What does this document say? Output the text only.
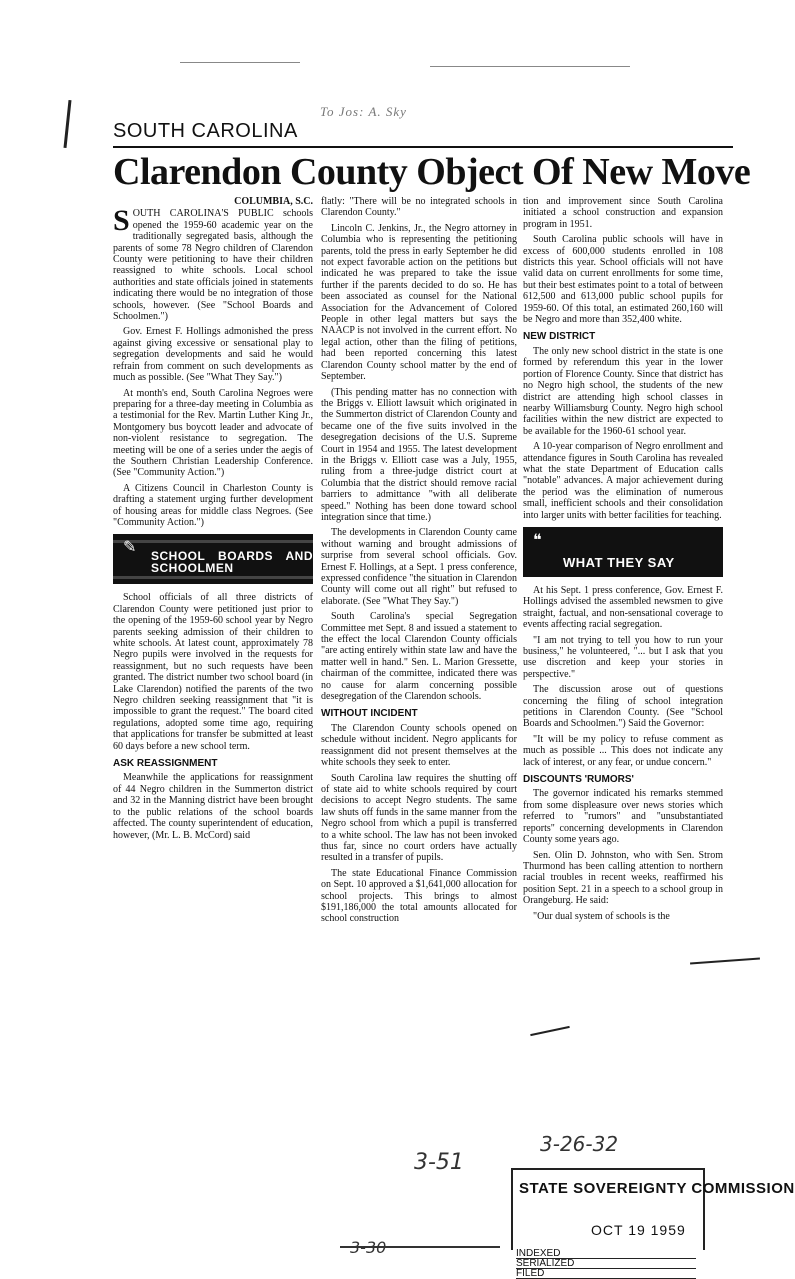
To Jos: A. Sky
SOUTH CAROLINA
Clarendon County Object Of New Move
COLUMBIA, S.C.

SOUTH CAROLINA'S PUBLIC schools opened the 1959-60 academic year on the traditionally segregated basis, although the parents of some 78 Negro children of Clarendon County were petitioning to have their children reassigned to white schools. Local school authorities and state officials joined in statements indicating there would be no integration of those schools, however. (See "School Boards and Schoolmen.")

Gov. Ernest F. Hollings admonished the press against giving excessive or sensational play to segregation developments and said he would refrain from comment on such developments as much as possible. (See "What They Say.")

At month's end, South Carolina Negroes were preparing for a three-day meeting in Columbia as a testimonial for the Rev. Martin Luther King Jr., Montgomery bus boycott leader and advocate of non-violent resistance to segregation. The meeting will be one of a series under the aegis of the Southern Christian Leadership Conference. (See "Community Action.")

A Citizens Council in Charleston County is drafting a statement urging further development of housing areas for middle class Negroes. (See "Community Action.")

✎ SCHOOL BOARDS AND SCHOOLMEN

School officials of all three districts of Clarendon County were petitioned just prior to the opening of the 1959-60 school year by Negro parents seeking admission of their children to white schools. At latest count, approximately 78 Negro pupils were involved in the requests for reassignment, but no such requests have been granted. The district number two school board (in Lake Clarendon) notified the parents of the two Negro children seeking reassignment that "it is impossible to grant the request." The board cited regulations, adopted some time ago, requiring that applications for transfer be submitted at least 60 days before a new school term.

ASK REASSIGNMENT

Meanwhile the applications for reassignment of 44 Negro children in the Summerton district and 32 in the Manning district have been brought to the public relations of the school boards affected. The county superintendent of education, however, (Mr. L. B. McCord) said

flatly: "There will be no integrated schools in Clarendon County."

Lincoln C. Jenkins, Jr., the Negro attorney in Columbia who is representing the petitioning parents, told the press in early September he did not expect favorable action on the petitions but indicated he was prepared to take the issue further if the parents decided to do so. He has been associated as counsel for the National Association for the Advancement of Colored People in other legal matters but says the NAACP is not involved in the current effort. No legal action, other than the filing of petitions, had been reported concerning this latest Clarendon County school matter by the end of September.

(This pending matter has no connection with the Briggs v. Elliott lawsuit which originated in the Summerton district of Clarendon County and became one of the five suits involved in the desegregation decisions of the U.S. Supreme Court in 1954 and 1955. The latest development in the Briggs v. Elliott case was a July, 1955, ruling from a three-judge district court at Columbia that the district should remove racial barriers to admittance "with all deliberate speed." Nothing has been done toward school integration since that time.)

The developments in Clarendon County came without warning and brought admissions of surprise from several school officials. Gov. Ernest F. Hollings, at a Sept. 1 press conference, expressed confidence "the situation in Clarendon County will come out all right" but refused to elaborate. (See "What They Say.")

South Carolina's special Segregation Committee met Sept. 8 and issued a statement to the effect the local Clarendon County officials "are acting entirely within state law and have the matter well in hand." Sen. L. Marion Gressette, chairman of the committee, indicated there was no cause for alarm concerning possible desegregation of the Clarendon schools.

WITHOUT INCIDENT

The Clarendon County schools opened on schedule without incident. Negro applicants for reassignment did not present themselves at the white schools they seek to enter.

South Carolina law requires the shutting off of state aid to white schools required by court decisions to accept Negro students. The same law shuts off funds in the same manner from the Negro school from which a pupil is transferred to a white school. The law has not been invoked thus far, since no court orders have actually resulted in a transfer of pupils.

The state Educational Finance Commission on Sept. 10 approved a $1,641,000 allocation for school projects. This brings to almost $191,186,000 the total amounts allocated for school construction

tion and improvement since South Carolina initiated a school construction and expansion program in 1951.

South Carolina public schools will have in excess of 600,000 students enrolled in 108 districts this year. School officials will not have valid data on current enrollments for some time, but their best estimates point to a total of between 612,500 and 613,000 public school pupils for 1959-60. Of this total, an estimated 260,160 will be Negro and more than 352,400 white.

NEW DISTRICT

The only new school district in the state is one formed by referendum this year in the lower portion of Florence County. Since that district has no Negro high school, the students of the new district are attending high school classes in nearby Williamsburg County. Negro high school facilities within the new district are expected to be available for the 1960-61 school year.

A 10-year comparison of Negro enrollment and attendance figures in South Carolina has revealed what the state Department of Education calls "notable" advances. A major achievement during the period was the elimination of numerous small, inefficient schools and their consolidation into larger units with better facilities for teaching.

❝
WHAT THEY SAY

At his Sept. 1 press conference, Gov. Ernest F. Hollings advised the assembled newsmen to give straight, factual, and non-sensational coverage to events affecting racial segregation.

"I am not trying to tell you how to run your business," he volunteered, "... but I ask that you use discretion and keep your stories in perspective."

The discussion arose out of questions concerning the filing of school integration petitions in Clarendon County. (See "School Boards and Schoolmen.") Said the Governor:

"It will be my policy to refuse comment as much as possible ... This does not indicate any lack of interest, or any fear, or undue concern."

DISCOUNTS 'RUMORS'

The governor indicated his remarks stemmed from some displeasure over news stories which referred to "rumors" and "unsubstantiated reports" concerning developments in Clarendon County some years ago.

Sen. Olin D. Johnston, who with Sen. Strom Thurmond has been calling attention to northern racial troubles in recent weeks, reaffirmed his position Sept. 21 in a speech to a school group in Orangeburg. He said:

"Our dual system of schools is the

3-51
3-26-32
3-30
STATE SOVEREIGNTY COMMISSION
OCT 19 1959
INDEXED
SERIALIZED
FILED
